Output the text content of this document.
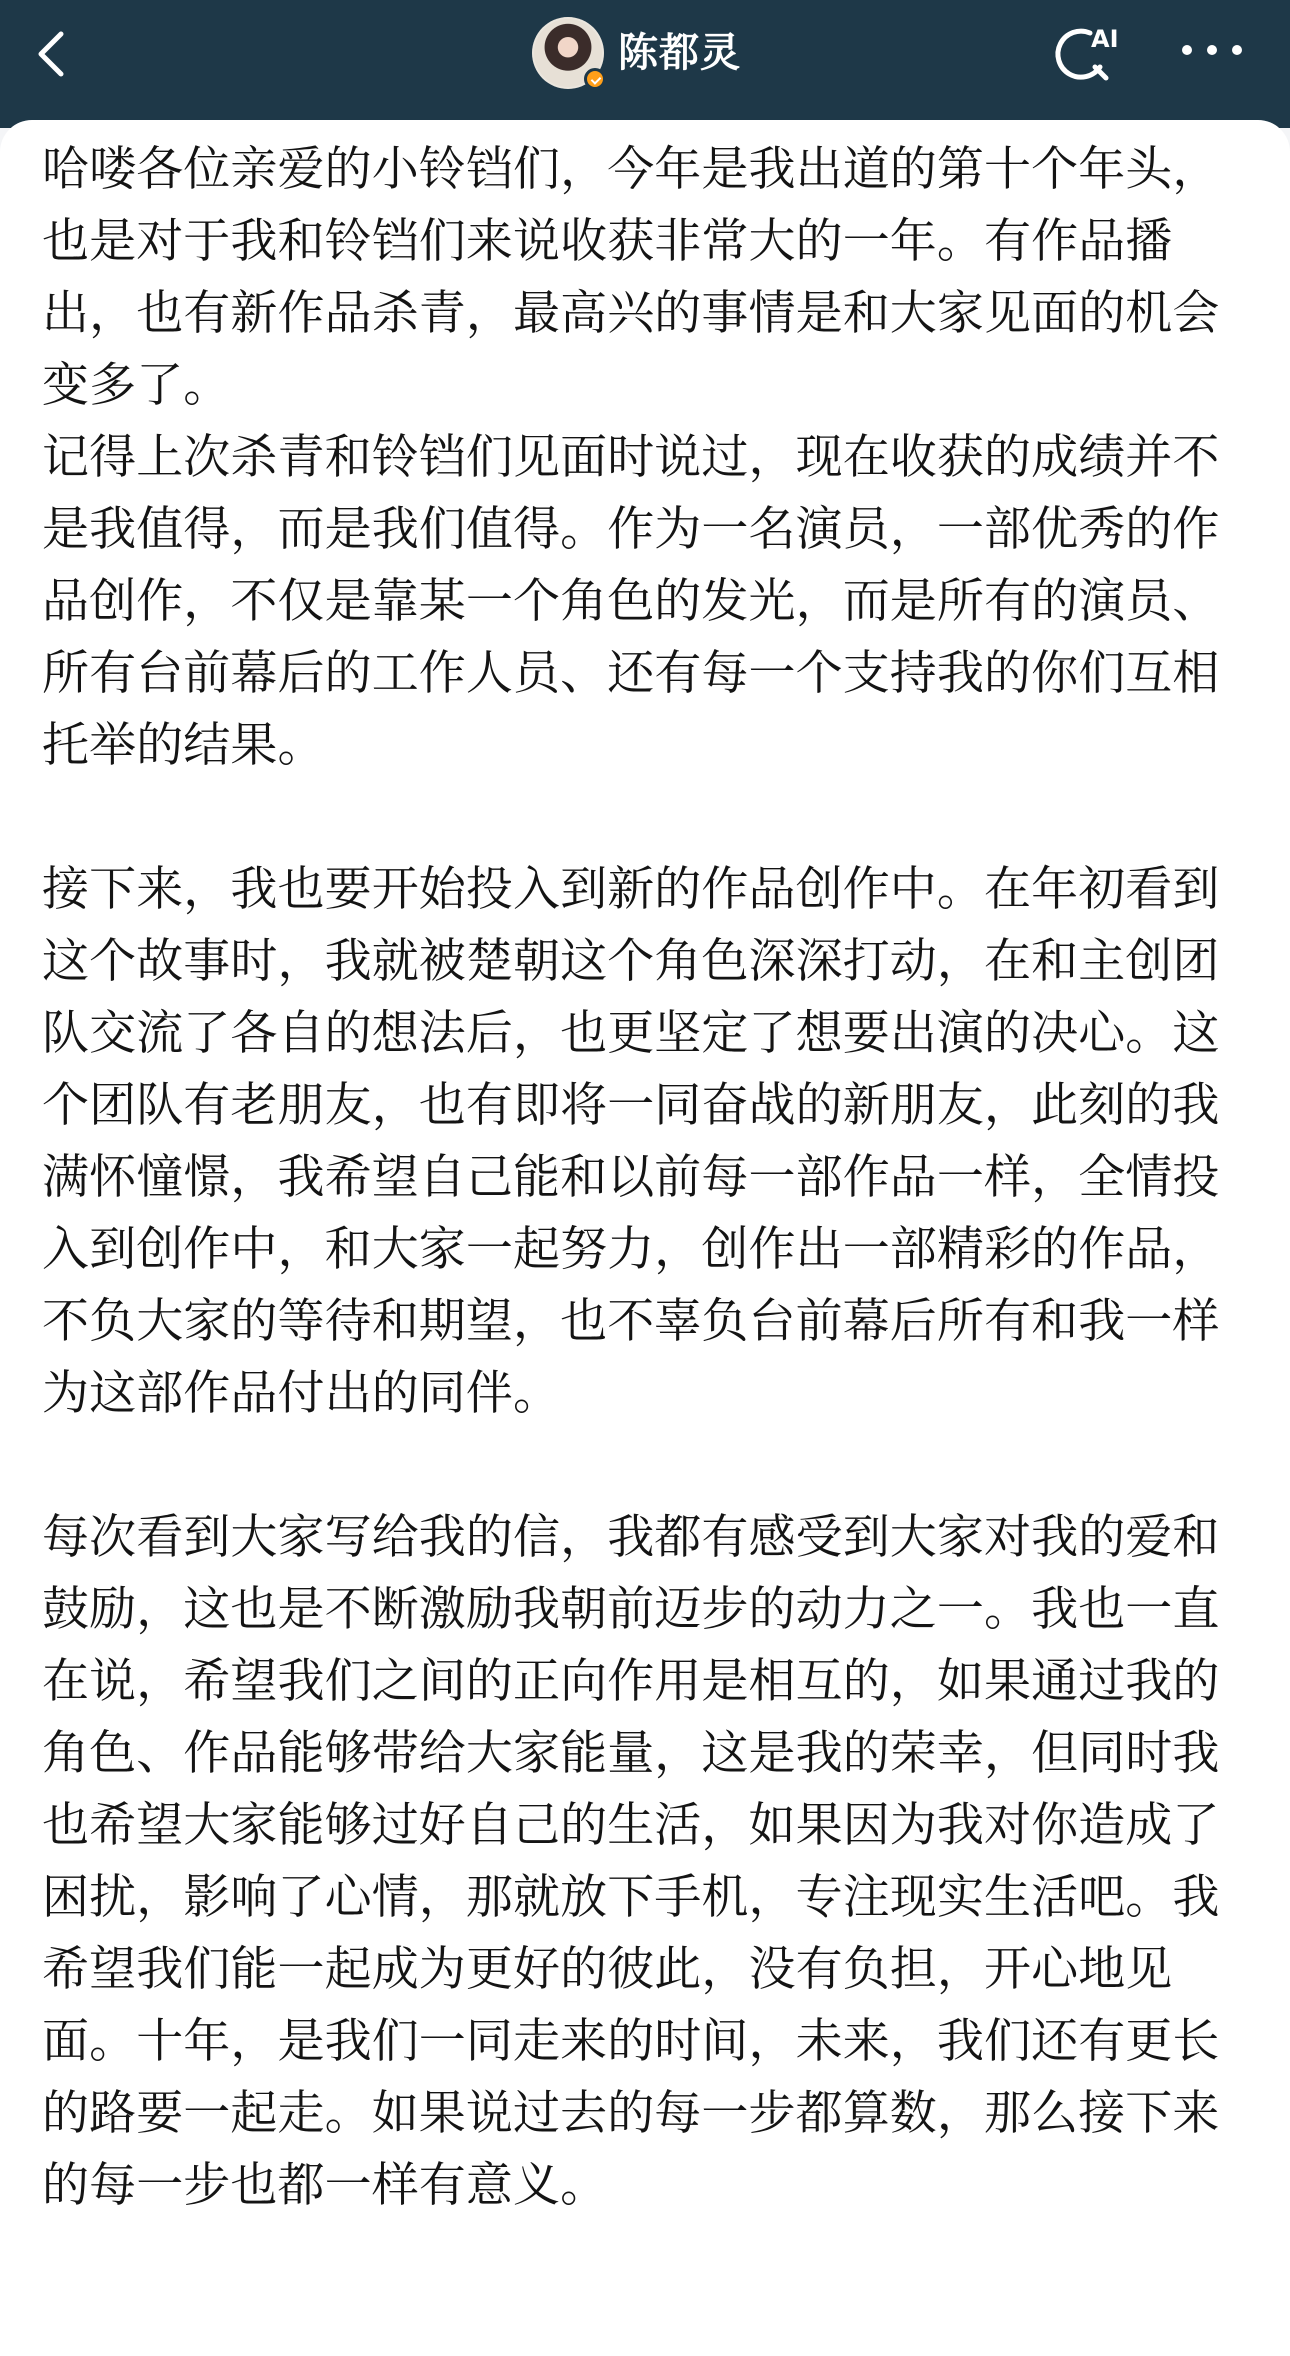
陈都灵	AI

哈喽各位亲爱的小铃铛们，今年是我出道的第十个年头，也是对于我和铃铛们来说收获非常大的一年。有作品播出，也有新作品杀青，最高兴的事情是和大家见面的机会变多了。

记得上次杀青和铃铛们见面时说过，现在收获的成绩并不是我值得，而是我们值得。作为一名演员，一部优秀的作品创作，不仅是靠某一个角色的发光，而是所有的演员、所有台前幕后的工作人员、还有每一个支持我的你们互相托举的结果。

接下来，我也要开始投入到新的作品创作中。在年初看到这个故事时，我就被楚朝这个角色深深打动，在和主创团队交流了各自的想法后，也更坚定了想要出演的决心。这个团队有老朋友，也有即将一同奋战的新朋友，此刻的我满怀憧憬，我希望自己能和以前每一部作品一样，全情投入到创作中，和大家一起努力，创作出一部精彩的作品，不负大家的等待和期望，也不辜负台前幕后所有和我一样为这部作品付出的同伴。

每次看到大家写给我的信，我都有感受到大家对我的爱和鼓励，这也是不断激励我朝前迈步的动力之一。我也一直在说，希望我们之间的正向作用是相互的，如果通过我的角色、作品能够带给大家能量，这是我的荣幸，但同时我也希望大家能够过好自己的生活，如果因为我对你造成了困扰，影响了心情，那就放下手机，专注现实生活吧。我希望我们能一起成为更好的彼此，没有负担，开心地见面。十年，是我们一同走来的时间，未来，我们还有更长的路要一起走。如果说过去的每一步都算数，那么接下来的每一步也都一样有意义。
